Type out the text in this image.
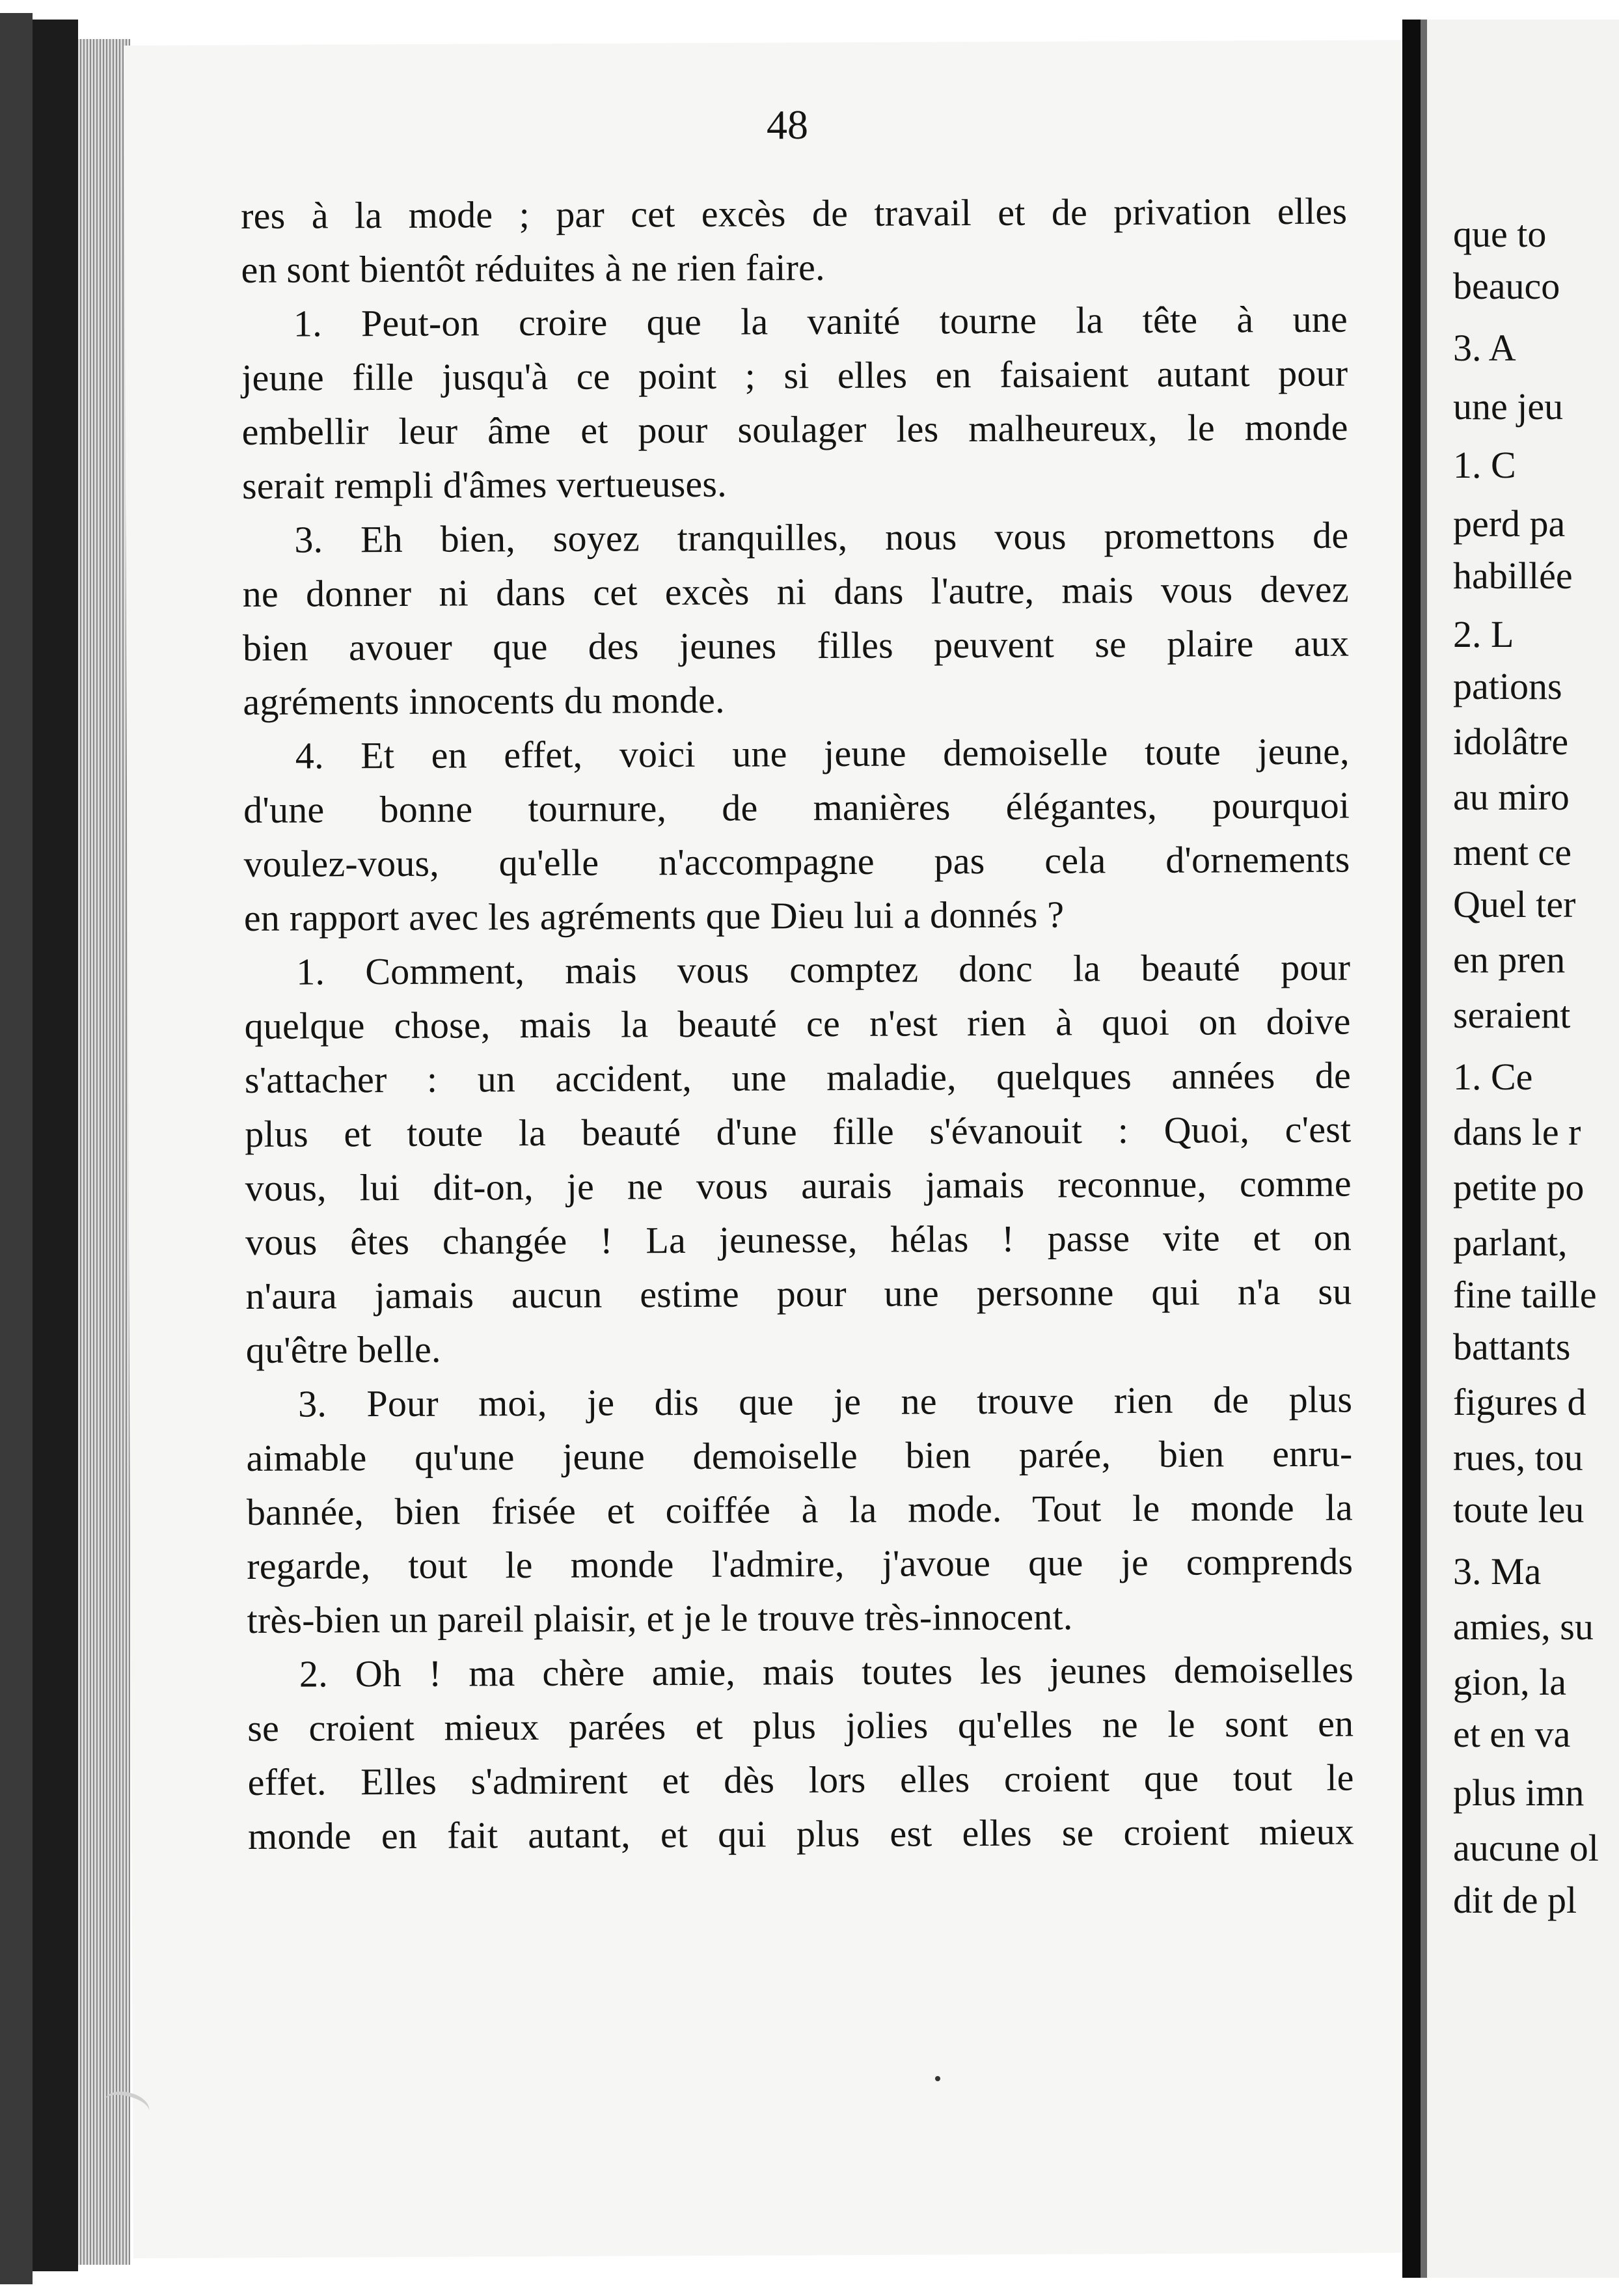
48
res à la mode ; par cet excès de travail et de privation elles
en sont bientôt réduites à ne rien faire.
1. Peut-on croire que la vanité tourne la tête à une
jeune fille jusqu'à ce point ; si elles en faisaient autant pour
embellir leur âme et pour soulager les malheureux, le monde
serait rempli d'âmes vertueuses.
3. Eh bien, soyez tranquilles, nous vous promettons de
ne donner ni dans cet excès ni dans l'autre, mais vous devez
bien avouer que des jeunes filles peuvent se plaire aux
agréments innocents du monde.
4. Et en effet, voici une jeune demoiselle toute jeune,
d'une bonne tournure, de manières élégantes, pourquoi
voulez-vous, qu'elle n'accompagne pas cela d'ornements
en rapport avec les agréments que Dieu lui a donnés ?
1. Comment, mais vous comptez donc la beauté pour
quelque chose, mais la beauté ce n'est rien à quoi on doive
s'attacher : un accident, une maladie, quelques années de
plus et toute la beauté d'une fille s'évanouit : Quoi, c'est
vous, lui dit-on, je ne vous aurais jamais reconnue, comme
vous êtes changée ! La jeunesse, hélas ! passe vite et on
n'aura jamais aucun estime pour une personne qui n'a su
qu'être belle.
3. Pour moi, je dis que je ne trouve rien de plus
aimable qu'une jeune demoiselle bien parée, bien enru-
bannée, bien frisée et coiffée à la mode. Tout le monde la
regarde, tout le monde l'admire, j'avoue que je comprends
très-bien un pareil plaisir, et je le trouve très-innocent.
2. Oh ! ma chère amie, mais toutes les jeunes demoiselles
se croient mieux parées et plus jolies qu'elles ne le sont en
effet. Elles s'admirent et dès lors elles croient que tout le
monde en fait autant, et qui plus est elles se croient mieux
que to
beauco
3. A
une jeu
1. C
perd pa
habillée
2. L
pations
idolâtre
au miro
ment ce
Quel ter
en pren
seraient
1. Ce
dans le r
petite po
parlant,
fine taille
battants
figures d
rues, tou
toute leu
3. Ma
amies, su
gion, la
et en va
plus imn
aucune ol
dit de pl
